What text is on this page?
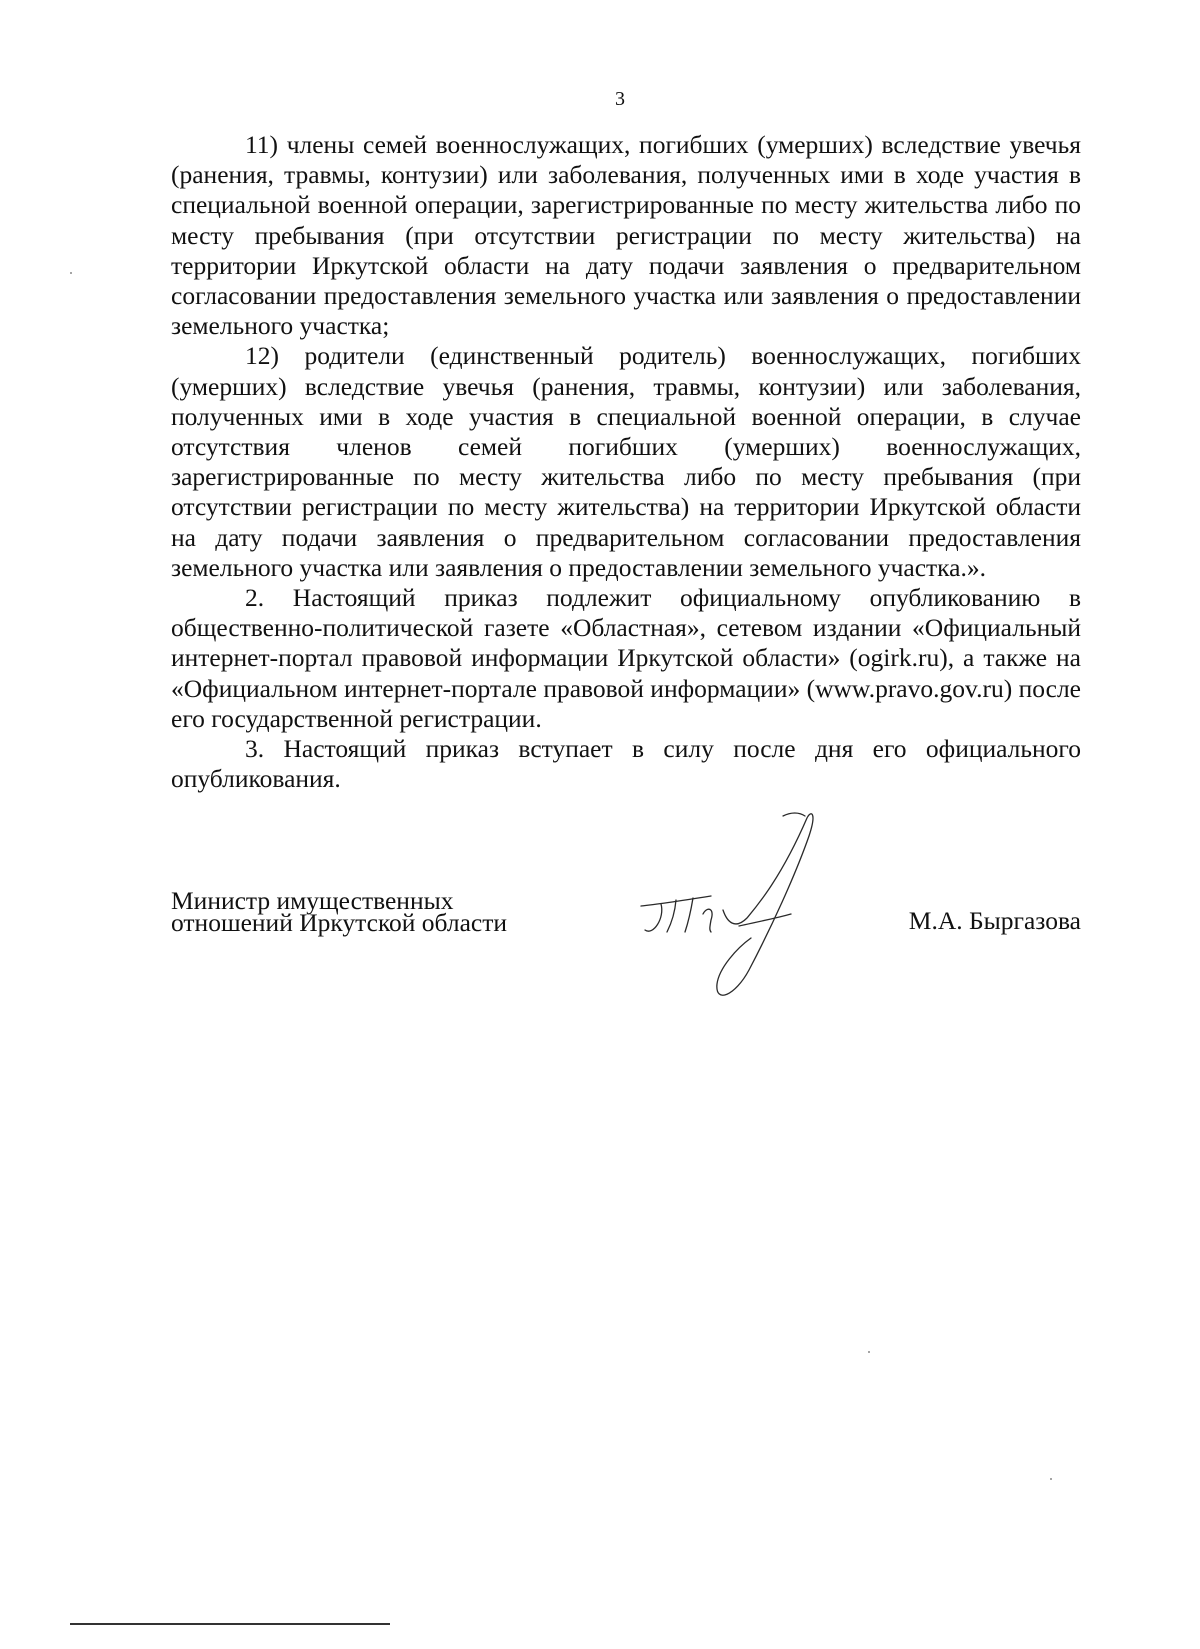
3

11) члены семей военнослужащих, погибших (умерших) вследствие увечья (ранения, травмы, контузии) или заболевания, полученных ими в ходе участия в специальной военной операции, зарегистрированные по месту жительства либо по месту пребывания (при отсутствии регистрации по месту жительства) на территории Иркутской области на дату подачи заявления о предварительном согласовании предоставления земельного участка или заявления о предоставлении земельного участка;

12) родители (единственный родитель) военнослужащих, погибших (умерших) вследствие увечья (ранения, травмы, контузии) или заболевания, полученных ими в ходе участия в специальной военной операции, в случае отсутствия членов семей погибших (умерших) военнослужащих, зарегистрированные по месту жительства либо по месту пребывания (при отсутствии регистрации по месту жительства) на территории Иркутской области на дату подачи заявления о предварительном согласовании предоставления земельного участка или заявления о предоставлении земельного участка.».

2. Настоящий приказ подлежит официальному опубликованию в общественно-политической газете «Областная», сетевом издании «Официальный интернет-портал правовой информации Иркутской области» (ogirk.ru), а также на «Официальном интернет-портале правовой информации» (www.pravo.gov.ru) после его государственной регистрации.

3. Настоящий приказ вступает в силу после дня его официального опубликования.

Министр имущественных
отношений Иркутской области	М.А. Быргазова
